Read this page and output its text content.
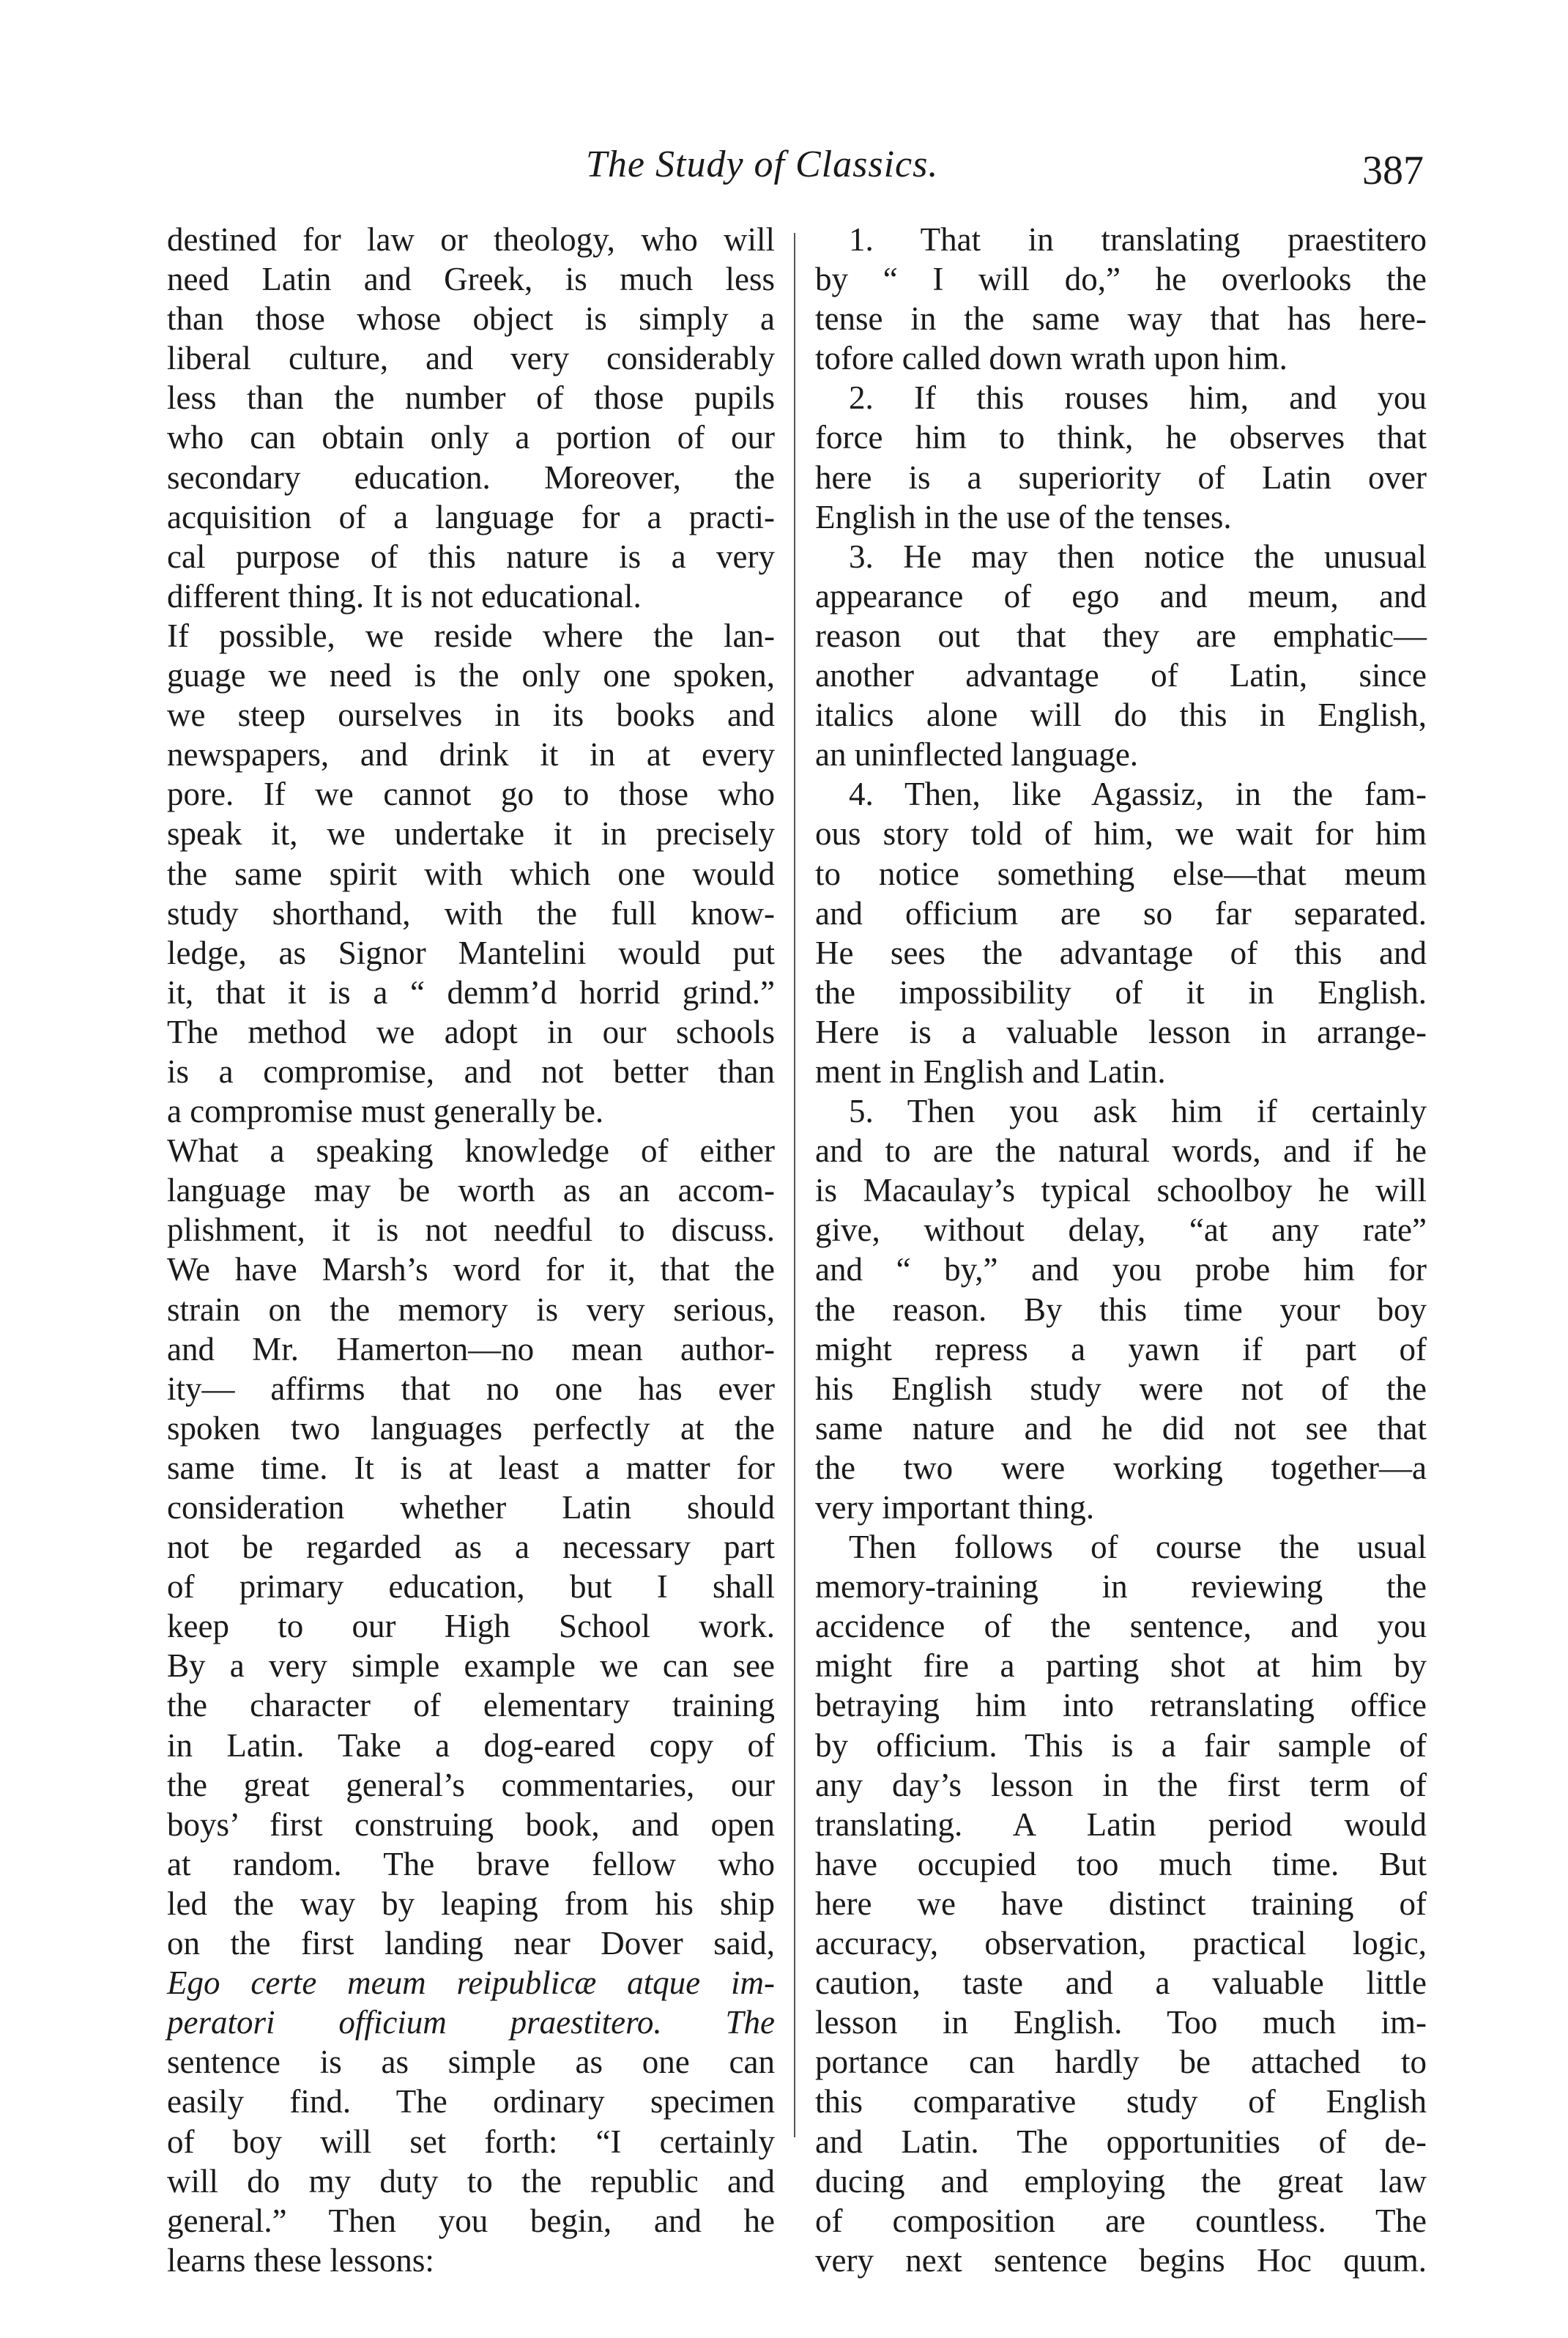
The Study of Classics.	387
destined for law or theology, who will
need Latin and Greek, is much less
than those whose object is simply a
liberal culture, and very considerably
less than the number of those pupils
who can obtain only a portion of our
secondary education. Moreover, the
acquisition of a language for a practi-
cal purpose of this nature is a very
different thing. It is not educational.
If possible, we reside where the lan-
guage we need is the only one spoken,
we steep ourselves in its books and
newspapers, and drink it in at every
pore. If we cannot go to those who
speak it, we undertake it in precisely
the same spirit with which one would
study shorthand, with the full know-
ledge, as Signor Mantelini would put
it, that it is a “ demm’d horrid grind.”
The method we adopt in our schools
is a compromise, and not better than
a compromise must generally be.
What a speaking knowledge of either
language may be worth as an accom-
plishment, it is not needful to discuss.
We have Marsh’s word for it, that the
strain on the memory is very serious,
and Mr. Hamerton—no mean author-
ity— affirms that no one has ever
spoken two languages perfectly at the
same time. It is at least a matter for
consideration whether Latin should
not be regarded as a necessary part
of primary education, but I shall
keep to our High School work.
By a very simple example we can see
the character of elementary training
in Latin. Take a dog-eared copy of
the great general’s commentaries, our
boys’ first construing book, and open
at random. The brave fellow who
led the way by leaping from his ship
on the first landing near Dover said,
Ego certe meum reipublicæ atque im-
peratori officium praestitero. The
sentence is as simple as one can
easily find. The ordinary specimen
of boy will set forth: “I certainly
will do my duty to the republic and
general.” Then you begin, and he
learns these lessons:
1. That in translating praestitero
by “ I will do,” he overlooks the
tense in the same way that has here-
tofore called down wrath upon him.
2. If this rouses him, and you
force him to think, he observes that
here is a superiority of Latin over
English in the use of the tenses.
3. He may then notice the unusual
appearance of ego and meum, and
reason out that they are emphatic—
another advantage of Latin, since
italics alone will do this in English,
an uninflected language.
4. Then, like Agassiz, in the fam-
ous story told of him, we wait for him
to notice something else—that meum
and officium are so far separated.
He sees the advantage of this and
the impossibility of it in English.
Here is a valuable lesson in arrange-
ment in English and Latin.
5. Then you ask him if certainly
and to are the natural words, and if he
is Macaulay’s typical schoolboy he will
give, without delay, “at any rate”
and “ by,” and you probe him for
the reason. By this time your boy
might repress a yawn if part of
his English study were not of the
same nature and he did not see that
the two were working together—a
very important thing.
Then follows of course the usual
memory-training in reviewing the
accidence of the sentence, and you
might fire a parting shot at him by
betraying him into retranslating office
by officium. This is a fair sample of
any day’s lesson in the first term of
translating. A Latin period would
have occupied too much time. But
here we have distinct training of
accuracy, observation, practical logic,
caution, taste and a valuable little
lesson in English. Too much im-
portance can hardly be attached to
this comparative study of English
and Latin. The opportunities of de-
ducing and employing the great law
of composition are countless. The
very next sentence begins Hoc quum.
